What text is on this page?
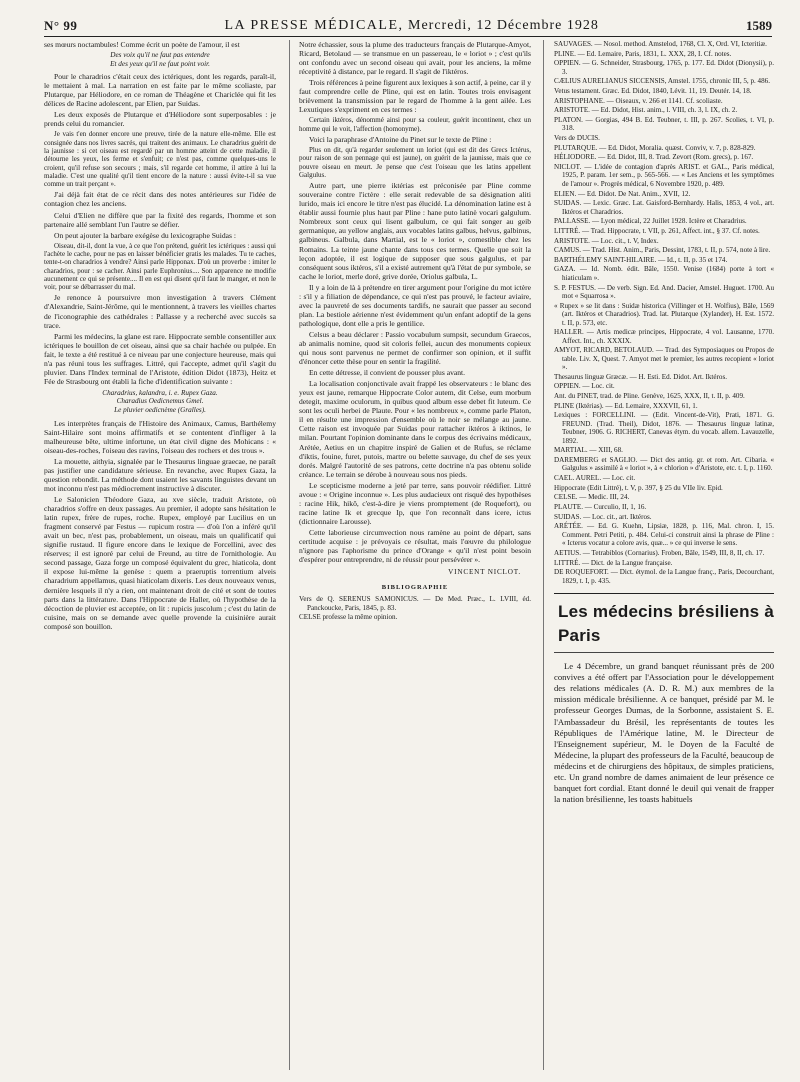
N° 99	LA PRESSE MÉDICALE, Mercredi, 12 Décembre 1928	1589

ses mœurs noctambules! Comme écrit un poète de l'amour, il est

Des voix qu'il ne faut pas entendre
Et des yeux qu'il ne faut point voir.

Pour le charadrios c'était ceux des ictériques, dont les regards, paraît-il, le mettaient à mal. La narration en est faite par le même scoliaste, par Plutarque, par Héliodore, en ce roman de Théagène et Chariclée qui fit les délices de Racine adolescent, par Elien, par Suidas.

Les deux exposés de Plutarque et d'Héliodore sont superposables : je prends celui du romancier.

Je vais t'en donner encore une preuve, tirée de la nature elle-même. Elle est consignée dans nos livres sacrés, qui traitent des animaux. Le charadrius guérit de la jaunisse : si cet oiseau est regardé par un homme atteint de cette maladie, il détourne les yeux, les ferme et s'enfuit; ce n'est pas, comme quelques-uns le croient, qu'il refuse son secours ; mais, s'il regarde cet homme, il attire à lui la maladie. C'est une qualité qu'il tient encore de la nature : aussi évite-t-il sa vue comme un trait perçant ».

J'ai déjà fait état de ce récit dans des notes antérieures sur l'idée de contagion chez les anciens.

Celui d'Elien ne diffère que par la fixité des regards, l'homme et son partenaire allé semblant l'un l'autre se défier.

On peut ajouter la barbare exégèse du lexicographe Suidas :

Oiseau, dit-il, dont la vue, à ce que l'on prétend, guérit les ictériques : aussi qui l'achète le cache, pour ne pas en laisser bénéficier gratis les malades. Tu te caches, tente-t-on charadrios à vendre? Ainsi parle Hipponax. D'où un proverbe : imiter le charadrios, pour : se cacher. Ainsi parle Euphronius.... Son apparence ne modifie aucunement ce qui se présente.... Il en est qui disent qu'il faut le manger, et non le voir, pour se débarrasser du mal.

Je renonce à poursuivre mon investigation à travers Clément d'Alexandrie, Saint-Jérôme, qui le mentionnent, à travers les vieilles chartes de l'iconographie des cathédrales : Pallasse y a recherché avec succès sa trace.

Parmi les médecins, la glane est rare. Hippocrate semble consentiller aux ictériques le bouillon de cet oiseau, ainsi que sa chair hachée ou pulpée. En fait, le texte a été restitué à ce niveau par une conjecture heureuse, mais qui n'a pas réuni tous les suffrages. Littré, qui l'accepte, admet qu'il s'agit du pluvier. Dans l'Index terminal de l'Aristote, édition Didot (1873), Heitz et Fée de Strasbourg ont établi la fiche d'identification suivante :

Charadrius, kalandra, i. e. Rupex Gaza.
Charadius Oedicnemus Gmel.
Le pluvier oedicnème (Gralles).

Les interprètes français de l'Histoire des Animaux, Camus, Barthélemy Saint-Hilaire sont moins affirmatifs et se contentent d'infliger à la malheureuse bête, ultime infortune, un état civil digne des Mohicans : « oiseau-des-roches, l'oiseau des ravins, l'oiseau des rochers et des trous ».

La mouette, aithyia, signalée par le Thesaurus linguae graecae, ne paraît pas justifier une candidature sérieuse. En revanche, avec Rupex Gaza, la question rebondit. La méthode dont usaient les savants linguistes devant un mot inconnu n'est pas médiocrement instructive à discuter.

Le Salonicien Théodore Gaza, au xve siècle, traduit Aristote, où charadrios s'offre en deux passages. Au premier, il adopte sans hésitation le latin rupex, frère de rupes, roche. Rupex, employé par Lucilius en un fragment conservé par Festus — rupicum rostra — d'où l'on a inféré qu'il avait un bec, n'est pas, probablement, un oiseau, mais un qualificatif qui signifie rustaud. Il figure encore dans le lexique de Forcellini, avec des réserves; il est ignoré par celui de Freund, au titre de l'ornithologie. Au second passage, Gaza forge un composé équivalent du grec, hiaticola, dont il expose lui-même la genèse : quem a praeruptis torrentium alveis charadrium appellamus, quasi hiaticolam dixeris. Les deux nouveaux venus, dernière lesquels il n'y a rien, ont maintenant droit de cité et sont de toutes parts dans la littérature. Dans l'Hippocrate de Haller, où l'hypothèse de la décoction de pluvier est acceptée, on lit : rupicis juscolum ; c'est du latin de cuisine, mais on se demande avec quelle provende la cuisinière aurait composé son bouillon.

Notre échassier, sous la plume des traducteurs français de Plutarque-Amyot, Ricard, Betolaud — se transmue en un passereau, le « loriot » ; c'est qu'ils ont confondu avec un second oiseau qui avait, pour les anciens, la même réceptivité à distance, par le regard. Il s'agit de l'iktéros.

Trois références à peine figurent aux lexiques à son actif, à peine, car il y faut comprendre celle de Pline, qui est en latin. Toutes trois envisagent brièvement la transmission par le regard de l'homme à la gent ailée. Les Lexutiques s'expriment en ces termes :

Certain iktéros, dénommé ainsi pour sa couleur, guérit incontinent, chez un homme qui le voit, l'affection (homonyme).

Voici la paraphrase d'Antoine du Pinet sur le texte de Pline :

Plus on dit, qu'à regarder seulement un loriot (qui est dit des Grecs Ictérus, pour raison de son pennage qui est jaune), on guérit de la jaunisse, mais que ce pouvre oiseau en meurt. Je pense que c'est l'oiseau que les latins appellent Galgulus.

Autre part, une pierre iktérias est préconisée par Pline comme souveraine contre l'ictère : elle serait redevable de sa désignation aliti lurido, mais ici encore le titre n'est pas élucidé. La dénomination latine est à établir aussi fournie plus haut par Pline : hane puto latinè vocari galgulum. Nombreux sont ceux qui lisent galbulum, ce qui fait songer au geib germanique, au yellow anglais, aux vocables latins galbus, helvus, galbinus, galbineus. Galbula, dans Martial, est le « loriot », comestible chez les Romains. La teinte jaune chante dans tous ces termes. Quelle que soit la leçon adoptée, il est logique de supposer que sous galgulus, et par conséquent sous iktéros, s'il a existé autrement qu'à l'état de pur symbole, se cache le loriot, merle doré, grive dorée, Oriolus galbula, L.

Il y a loin de là à prétendre en tirer argument pour l'origine du mot ictère : s'il y a filiation de dépendance, ce qui n'est pas prouvé, le facteur aviaire, avec la pauvreté de ses documents tardifs, ne saurait que passer au second plan. La bestiole aérienne n'est évidemment qu'un enfant adoptif de la gens pathologique, dont elle a pris le gentilice.

Celsus a beau déclarer : Passio vocabulum sumpsit, secundum Graecos, ab animalis nomine, quod sit coloris fellei, aucun des monuments copieux qui nous sont parvenus ne permet de confirmer son opinion, et il suffit d'énoncer cette thèse pour en sentir la fragilité.

En cette détresse, il convient de pousser plus avant.

La localisation conjonctivale avait frappé les observateurs : le blanc des yeux est jaune, remarque Hippocrate Color autem, dit Celse, eum morbum detegit, maxime oculorum, in quibus quod album esse debet fit luteum. Ce sont les oculi herbei de Plaute. Pour « les nombreux », comme parle Platon, il en résulte une impression d'ensemble où le noir se mélange au jaune. Cette raison est invoquée par Suidas pour rattacher iktéros à iktinos, le milan. Pourtant l'opinion dominante dans le corpus des écrivains médicaux, Arétée, Aetius en un chapitre inspiré de Galien et de Rufus, se réclame d'iktis, fouine, furet, putois, martre ou belette sauvage, du chef de ses yeux dorés. Malgré l'autorité de ses patrons, cette doctrine n'a pas obtenu solide créance. Le terrain se dérobe à nouveau sous nos pieds.

Le scepticisme moderne a jeté par terre, sans pouvoir réédifier. Littré avoue : « Origine inconnue ». Les plus audacieux ont risqué des hypothèses : racine Hik, hikô, c'est-à-dire je viens promptement (de Roquefort), ou racine latine Ik et grecque Ip, que l'on reconnaît dans icere, ictus (dictionnaire Larousse).

Cette laborieuse circumvection nous ramène au point de départ, sans certitude acquise : je prévoyais ce résultat, mais l'œuvre du philologue n'ignore pas l'aphorisme du prince d'Orange « qu'il n'est point besoin d'espérer pour entreprendre, ni de réussir pour persévérer ».

VINCENT NICLOT.
BIBLIOGRAPHIE

Vers de Q. SERENUS SAMONICUS. — De Med. Præc., L. LVIII, éd. Panckoucke, Paris, 1845, p. 83.

CELSE professe la même opinion.

SAUVAGES. — Nosol. method. Amstelod, 1768, Cl. X, Ord. VI, Icteritiæ.

PLINE. — Ed. Lemaire, Paris, 1831, L. XXX, 28, I. Cf. notes.

OPPIEN. — G. Schneider, Strasbourg, 1765, p. 177. Ed. Didot (Dionysii), p. 3.

CÆLIUS AURELIANUS SICCENSIS, Amstel. 1755, chronic III, 5, p. 486.

Vetus testament. Græc. Ed. Didot, 1840, Lévit. 11, 19. Deutér. 14, 18.

ARISTOPHANE. — Oiseaux, v. 266 et 1141. Cf. scoliaste.

ARISTOTE. — Ed. Didot, Hist. anim., l. VIII, ch. 3, l. IX, ch. 2.

PLATON. — Gorgias, 494 B. Ed. Teubner, t. III, p. 267. Scolies, t. VI, p. 318.

Vers de DUCIS.

PLUTARQUE. — Ed. Didot, Moralia. quæst. Conviv, v. 7, p. 828-829.

HÉLIODORE. — Ed. Didot, III, 8. Trad. Zevort (Rom. grecs), p. 167.

NICLOT. — L'idée de contagion d'après ARIST. et GAL., Paris médical, 1925, P. param. 1er sem., p. 565-566. — « Les Anciens et les symptômes de l'amour ». Progrès médical, 6 Novembre 1920, p. 489.

ELIEN. — Ed. Didot. De Nat. Anim., XVII, 12.

SUIDAS. — Lexic. Græc. Lat. Gaisford-Bernhardy. Halis, 1853, 4 vol., art. Iktéros et Charadrios.

PALLASSE. — Lyon médical, 22 Juillet 1928. Ictère et Charadrius.

LITTRÉ. — Trad. Hippocrate, t. VII, p. 261, Affect. int., § 37. Cf. notes.

ARISTOTE. — Loc. cit., t. V, Index.

CAMUS. — Trad. Hist. Anim., Paris, Dessint, 1783, t. II, p. 574, note à lire.

BARTHÉLEMY SAINT-HILAIRE. — Id., t. II, p. 35 et 174.

GAZA. — Id. Nomb. édit. Bâle, 1550. Venise (1684) porte à tort « hiaticulam ».

S. P. FESTUS. — De verb. Sign. Ed. And. Dacier, Amstel. Huguet. 1700. Au mot « Squarrosa ».

« Rupex » se lit dans : Suidæ historica (Villinger et H. Wolfius), Bâle, 1569 (art. Iktéros et Charadrios). Trad. lat. Plutarque (Xylander), H. Est. 1572. t. II, p. 573, etc.

HALLER. — Artis medicæ principes, Hippocrate, 4 vol. Lausanne, 1770. Affect. Int., ch. XXXIX.

AMYOT, RICARD, BETOLAUD. — Trad. des Symposiaques ou Propos de table. Liv. X, Quest. 7. Amyot met le premier, les autres recopient « loriot ».

Thesaurus linguæ Græcæ. — H. Esti. Ed. Didot. Art. Iktéros.

OPPIEN. — Loc. cit.

Ant. du PINET, trad. de Pline. Genève, 1625, XXX, II, t. II, p. 409.

PLINE (Iktérias). — Ed. Lemaire, XXXVII, 61, 1.

Lexiques : FORCELLINI. — (Edit. Vincent-de-Vit), Prati, 1871. G. FREUND. (Trad. Theil), Didot, 1876. — Thesaurus linguæ latinæ, Teubner, 1906. G. RICHERT, Canevas étym. du vocab. allem. Lavauzelle, 1892.

MARTIAL. — XIII, 68.

DAREMBERG et SAGLIO. — Dict des antiq. gr. et rom. Art. Cibaria. « Galgulus » assimilé à « loriot », à « chlorion » d'Aristote, etc. t. I, p. 1160.

CAEL. AUREL. — Loc. cit.

Hippocrate (Edit Littré), t. V, p. 397, § 25 du VIIe liv. Epid.

CELSE. — Medic. III, 24.

PLAUTE. — Curculio, II, 1, 16.

SUIDAS. — Loc. cit., art. Iktéros.

ARÉTÉE. — Ed. G. Kuehn, Lipsiæ, 1828, p. 116, Mal. chron. I, 15. Comment. Petri Petiti, p. 484. Celui-ci construit ainsi la phrase de Pline : « Icterus vocatur a colore avis, quæ... » ce qui inverse le sens.

AETIUS. — Tetrabiblos (Cornarius). Froben, Bâle, 1549, III, 8, II, ch. 17.

LITTRÉ. — Dict. de la Langue française.

DE ROQUEFORT. — Dict. étymol. de la Langue franç., Paris, Decourchant, 1829, t. I, p. 435.

Les médecins brésiliens à Paris

Le 4 Décembre, un grand banquet réunissant près de 200 convives a été offert par l'Association pour le développement des relations médicales (A. D. R. M.) aux membres de la mission médicale brésilienne. A ce banquet, présidé par M. le professeur Georges Dumas, de la Sorbonne, assistaient S. E. l'Ambassadeur du Brésil, les représentants de toutes les Républiques de l'Amérique latine, M. le Directeur de l'Enseignement supérieur, M. le Doyen de la Faculté de Médecine, la plupart des professeurs de la Faculté, beaucoup de médecins et de chirurgiens des hôpitaux, de simples praticiens, etc. Un grand nombre de dames animaient de leur présence ce banquet fort cordial. Etant donné le deuil qui venait de frapper la nation brésilienne, les toasts habituels
